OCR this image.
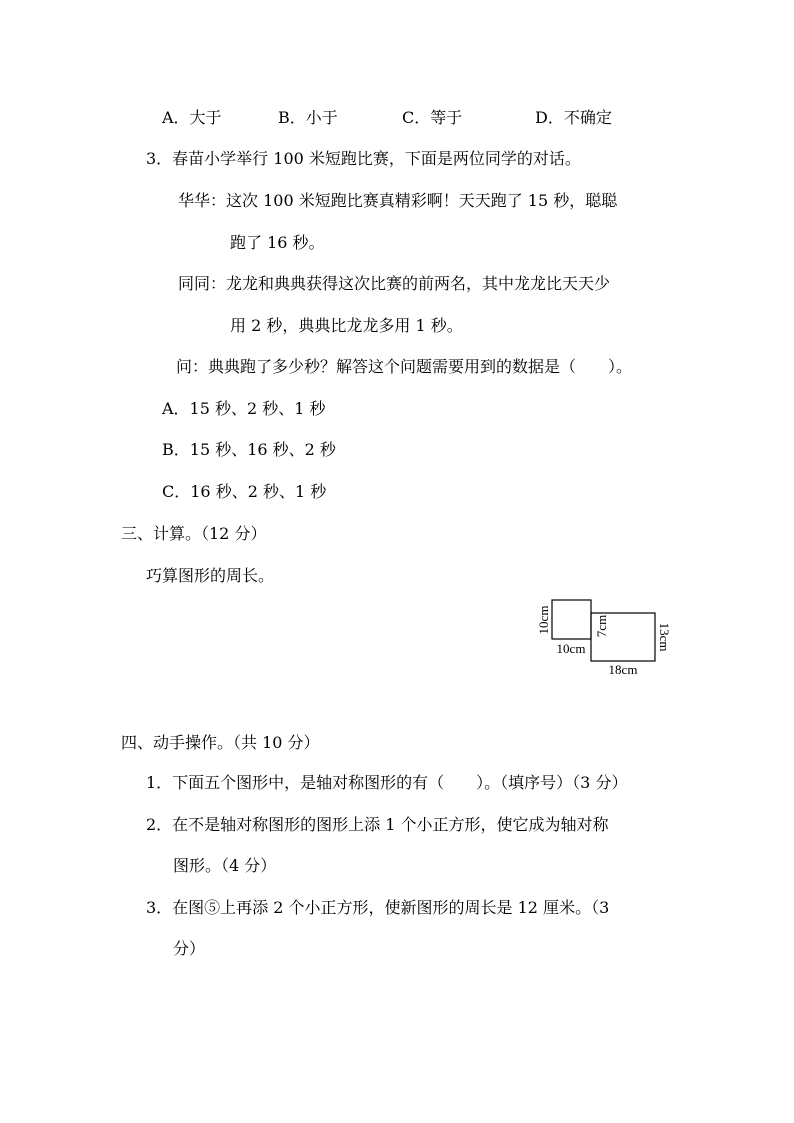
A．大于	B．小于	C．等于	D．不确定
3．春苗小学举行 100 米短跑比赛，下面是两位同学的对话。
华华：这次 100 米短跑比赛真精彩啊！天天跑了 15 秒，聪聪
跑了 16 秒。
同同：龙龙和典典获得这次比赛的前两名，其中龙龙比天天少
用 2 秒，典典比龙龙多用 1 秒。
问：典典跑了多少秒？解答这个问题需要用到的数据是（　　）。
A．15 秒、2 秒、1 秒
B．15 秒、16 秒、2 秒
C．16 秒、2 秒、1 秒
三、计算。（12 分）
巧算图形的周长。
10cm
10cm
7cm	13cm
18cm
四、动手操作。（共 10 分）
1．下面五个图形中，是轴对称图形的有（　　）。（填序号）（3 分）
2．在不是轴对称图形的图形上添 1 个小正方形，使它成为轴对称
图形。（4 分）
3．在图⑤上再添 2 个小正方形，使新图形的周长是 12 厘米。（3
分）
